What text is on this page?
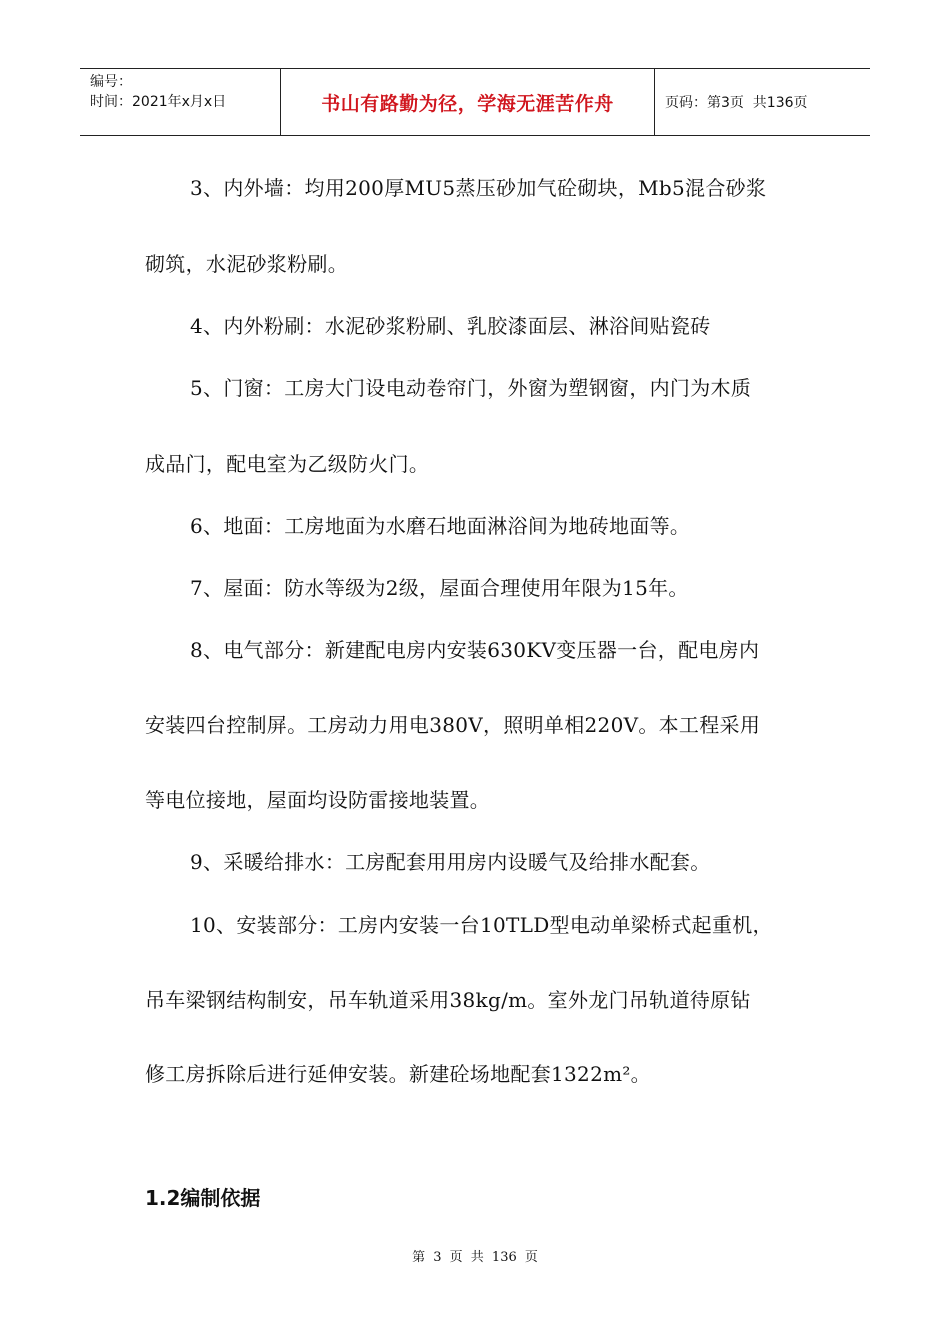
编号：
时间：2021年x月x日	书山有路勤为径，学海无涯苦作舟	页码：第3页  共136页
3、内外墙：均用200厚MU5蒸压砂加气砼砌块，Mb5混合砂浆
砌筑，水泥砂浆粉刷。
4、内外粉刷：水泥砂浆粉刷、乳胶漆面层、淋浴间贴瓷砖
5、门窗：工房大门设电动卷帘门，外窗为塑钢窗，内门为木质
成品门，配电室为乙级防火门。
6、地面：工房地面为水磨石地面淋浴间为地砖地面等。
7、屋面：防水等级为2级，屋面合理使用年限为15年。
8、电气部分：新建配电房内安装630KV变压器一台，配电房内
安装四台控制屏。工房动力用电380V，照明单相220V。本工程采用
等电位接地，屋面均设防雷接地装置。
9、采暖给排水：工房配套用用房内设暖气及给排水配套。
10、安装部分：工房内安装一台10TLD型电动单梁桥式起重机，
吊车梁钢结构制安，吊车轨道采用38kg/m。室外龙门吊轨道待原钻
修工房拆除后进行延伸安装。新建砼场地配套1322m²。
1.2编制依据
第 3 页 共 136 页
